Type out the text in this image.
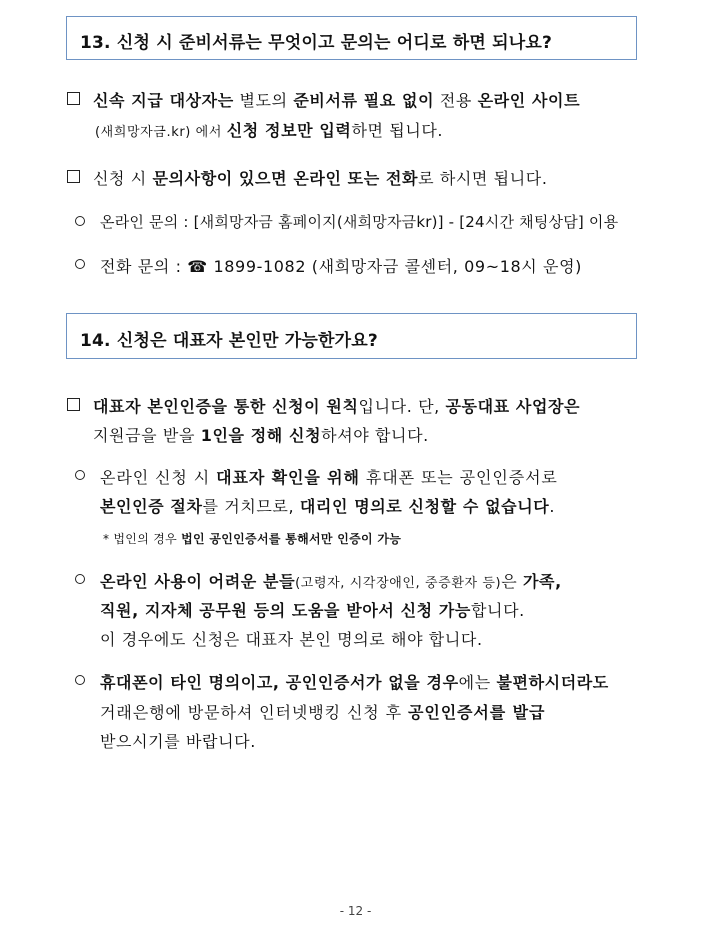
13. 신청 시 준비서류는 무엇이고 문의는 어디로 하면 되나요?
신속 지급 대상자는 별도의 준비서류 필요 없이 전용 온라인 사이트
(새희망자금.kr) 에서 신청 정보만 입력하면 됩니다.
신청 시 문의사항이 있으면 온라인 또는 전화로 하시면 됩니다.
온라인 문의 : [새희망자금 홈페이지(새희망자금kr)] - [24시간 채팅상담] 이용
전화 문의 : ☎ 1899-1082 (새희망자금 콜센터, 09~18시 운영)
14. 신청은 대표자 본인만 가능한가요?
대표자 본인인증을 통한 신청이 원칙입니다. 단, 공동대표 사업장은
지원금을 받을 1인을 정해 신청하셔야 합니다.
온라인 신청 시 대표자 확인을 위해 휴대폰 또는 공인인증서로
본인인증 절차를 거치므로, 대리인 명의로 신청할 수 없습니다.
* 법인의 경우 법인 공인인증서를 통해서만 인증이 가능
온라인 사용이 어려운 분들(고령자, 시각장애인, 중증환자 등)은 가족,
직원, 지자체 공무원 등의 도움을 받아서 신청 가능합니다.
이 경우에도 신청은 대표자 본인 명의로 해야 합니다.
휴대폰이 타인 명의이고, 공인인증서가 없을 경우에는 불편하시더라도
거래은행에 방문하셔 인터넷뱅킹 신청 후 공인인증서를 발급
받으시기를 바랍니다.
- 12 -
